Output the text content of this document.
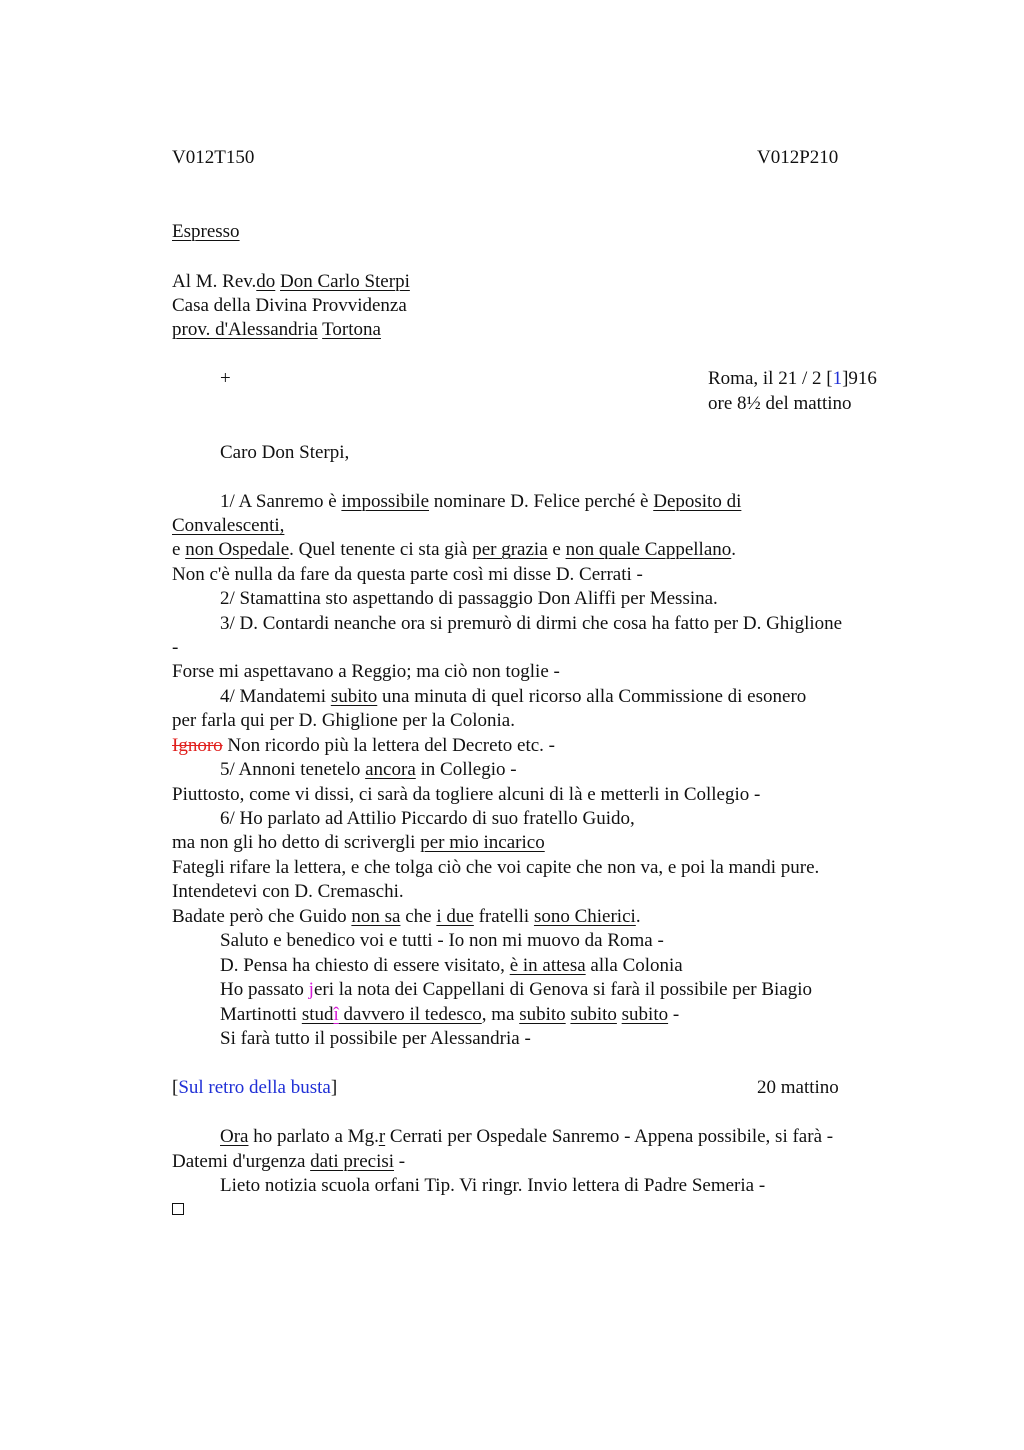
V012T150	V012P210
Espresso
Al M. Rev.do Don Carlo Sterpi
Casa della Divina Provvidenza
prov. d'Alessandria Tortona
+	Roma, il 21 / 2 [1]916
ore 8½ del mattino
Caro Don Sterpi,
1/ A Sanremo è impossibile nominare D. Felice perché è Deposito di
Convalescenti,
e non Ospedale. Quel tenente ci sta già per grazia e non quale Cappellano.
Non c'è nulla da fare da questa parte così mi disse D. Cerrati -
2/ Stamattina sto aspettando di passaggio Don Aliffi per Messina.
3/ D. Contardi neanche ora si premurò di dirmi che cosa ha fatto per D. Ghiglione
-
Forse mi aspettavano a Reggio; ma ciò non toglie -
4/ Mandatemi subito una minuta di quel ricorso alla Commissione di esonero
per farla qui per D. Ghiglione per la Colonia.
Ignoro Non ricordo più la lettera del Decreto etc. -
5/ Annoni tenetelo ancora in Collegio -
Piuttosto, come vi dissi, ci sarà da togliere alcuni di là e metterli in Collegio -
6/ Ho parlato ad Attilio Piccardo di suo fratello Guido,
ma non gli ho detto di scrivergli per mio incarico
Fategli rifare la lettera, e che tolga ciò che voi capite che non va, e poi la mandi pure.
Intendetevi con D. Cremaschi.
Badate però che Guido non sa che i due fratelli sono Chierici.
Saluto e benedico voi e tutti - Io non mi muovo da Roma -
D. Pensa ha chiesto di essere visitato, è in attesa alla Colonia
Ho passato jeri la nota dei Cappellani di Genova si farà il possibile per Biagio
Martinotti studî davvero il tedesco, ma subito subito subito -
Si farà tutto il possibile per Alessandria -
[Sul retro della busta]	20 mattino
Ora ho parlato a Mg.r Cerrati per Ospedale Sanremo - Appena possibile, si farà -
Datemi d'urgenza dati precisi -
Lieto notizia scuola orfani Tip. Vi ringr. Invio lettera di Padre Semeria -
